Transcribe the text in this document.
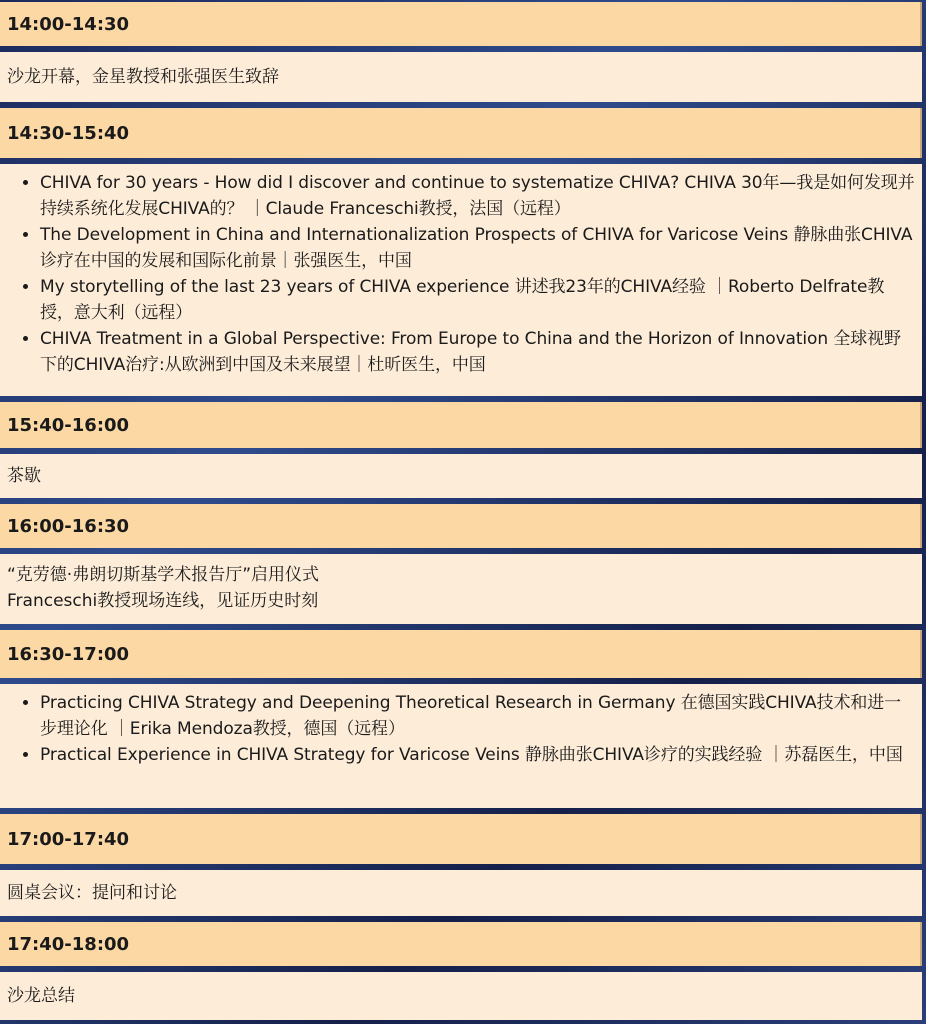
14:00-14:30
沙龙开幕，金星教授和张强医生致辞
14:30-15:40
• CHIVA for 30 years - How did I discover and continue to systematize CHIVA? CHIVA 30年—我是如何发现并持续系统化发展CHIVA的？ ｜Claude Franceschi教授，法国（远程）
• The Development in China and Internationalization Prospects of CHIVA for Varicose Veins 静脉曲张CHIVA诊疗在中国的发展和国际化前景｜张强医生，中国
• My storytelling of the last 23 years of CHIVA experience 讲述我23年的CHIVA经验 ｜Roberto Delfrate教授，意大利（远程）
• CHIVA Treatment in a Global Perspective: From Europe to China and the Horizon of Innovation 全球视野下的CHIVA治疗:从欧洲到中国及未来展望｜杜昕医生，中国
15:40-16:00
茶歇
16:00-16:30
“克劳德·弗朗切斯基学术报告厅”启用仪式
Franceschi教授现场连线，见证历史时刻
16:30-17:00
• Practicing CHIVA Strategy and Deepening Theoretical Research in Germany 在德国实践CHIVA技术和进一步理论化 ｜Erika Mendoza教授，德国（远程）
• Practical Experience in CHIVA Strategy for Varicose Veins 静脉曲张CHIVA诊疗的实践经验 ｜苏磊医生，中国
17:00-17:40
圆桌会议：提问和讨论
17:40-18:00
沙龙总结
